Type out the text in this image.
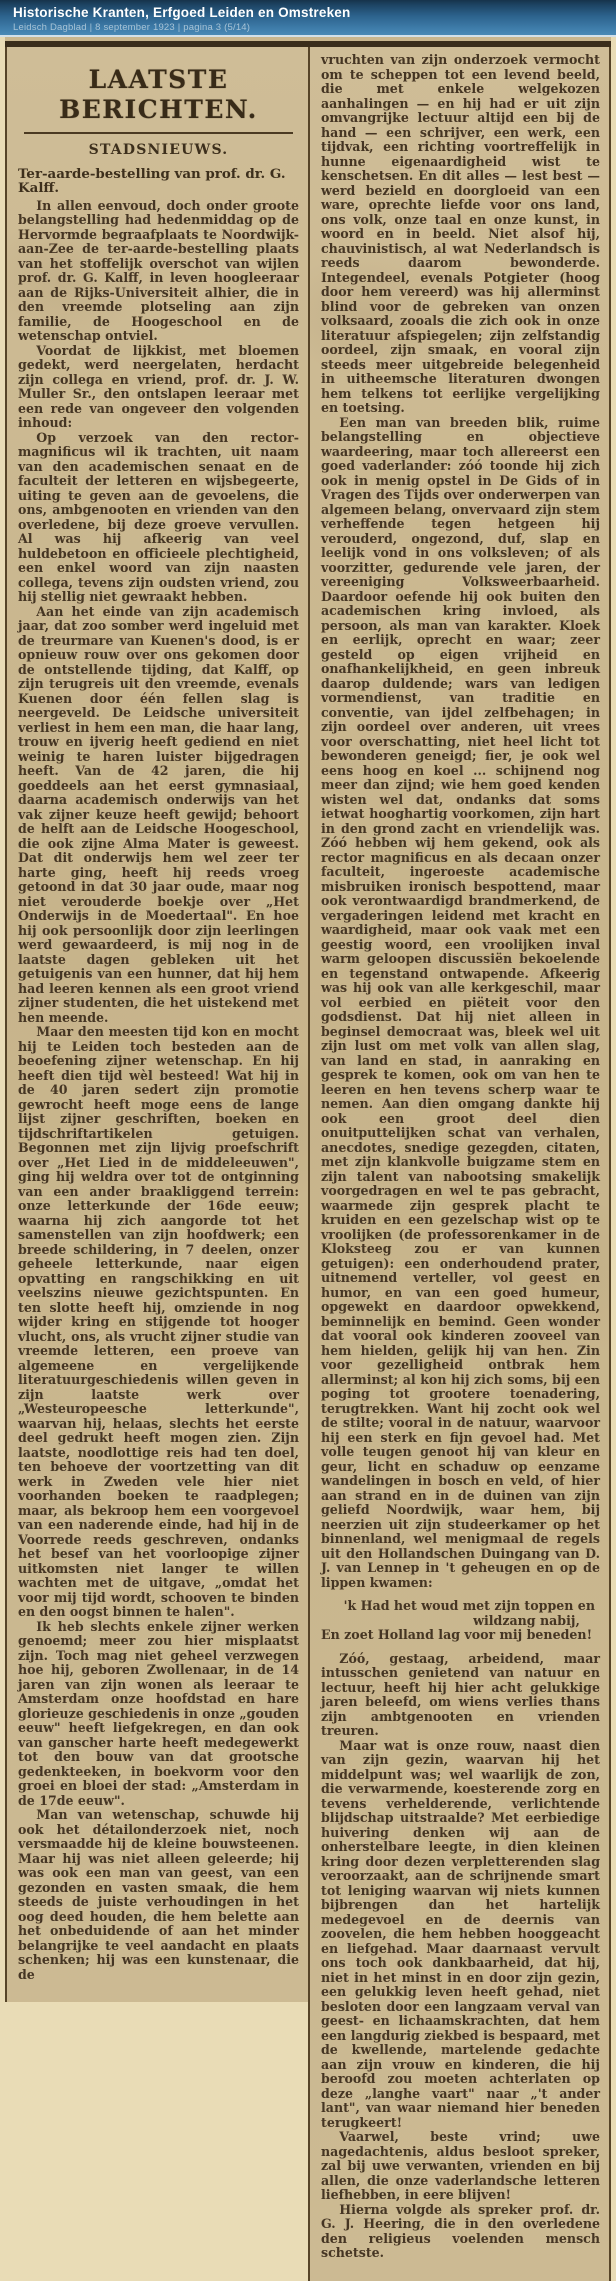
Historische Kranten, Erfgoed Leiden en Omstreken
Leidsch Dagblad | 8 september 1923 | pagina 3 (5/14)
LAATSTE BERICHTEN.
STADSNIEUWS.
Ter-aarde-bestelling van prof. dr. G. Kalff.

In allen eenvoud, doch onder groote belangstelling had hedenmiddag op de Hervormde begraafplaats te Noordwijk-aan-Zee de ter-aarde-bestelling plaats van het stoffelijk overschot van wijlen prof. dr. G. Kalff, in leven hoogleeraar aan de Rijks-Universiteit alhier, die in den vreemde plotseling aan zijn familie, de Hoogeschool en de wetenschap ontviel.

Voordat de lijkkist, met bloemen gedekt, werd neergelaten, herdacht zijn collega en vriend, prof. dr. J. W. Muller Sr., den ontslapen leeraar met een rede van ongeveer den volgenden inhoud:

Op verzoek van den rector-magnificus wil ik trachten, uit naam van den academischen senaat en de faculteit der letteren en wijsbegeerte, uiting te geven aan de gevoelens, die ons, ambgenooten en vrienden van den overledene, bij deze groeve vervullen. Al was hij afkeerig van veel huldebetoon en officieele plechtigheid, een enkel woord van zijn naasten collega, tevens zijn oudsten vriend, zou hij stellig niet gewraakt hebben.

Aan het einde van zijn academisch jaar, dat zoo somber werd ingeluid met de treurmare van Kuenen's dood, is er opnieuw rouw over ons gekomen door de ontstellende tijding, dat Kalff, op zijn terugreis uit den vreemde, evenals Kuenen door één fellen slag is neergeveld. De Leidsche universiteit verliest in hem een man, die haar lang, trouw en ijverig heeft gediend en niet weinig te haren luister bijgedragen heeft. Van de 42 jaren, die hij goeddeels aan het eerst gymnasiaal, daarna academisch onderwijs van het vak zijner keuze heeft gewijd; behoort de helft aan de Leidsche Hoogeschool, die ook zijne Alma Mater is geweest. Dat dit onderwijs hem wel zeer ter harte ging, heeft hij reeds vroeg getoond in dat 30 jaar oude, maar nog niet verouderde boekje over „Het Onderwijs in de Moedertaal". En hoe hij ook persoonlijk door zijn leerlingen werd gewaardeerd, is mij nog in de laatste dagen gebleken uit het getuigenis van een hunner, dat hij hem had leeren kennen als een groot vriend zijner studenten, die het uistekend met hen meende.

Maar den meesten tijd kon en mocht hij te Leiden toch besteden aan de beoefening zijner wetenschap. En hij heeft dien tijd wèl besteed! Wat hij in de 40 jaren sedert zijn promotie gewrocht heeft moge eens de lange lijst zijner geschriften, boeken en tijdschriftartikelen getuigen. Begonnen met zijn lijvig proefschrift over „Het Lied in de middeleeuwen", ging hij weldra over tot de ontginning van een ander braakliggend terrein: onze letterkunde der 16de eeuw; waarna hij zich aangorde tot het samenstellen van zijn hoofdwerk; een breede schildering, in 7 deelen, onzer geheele letterkunde, naar eigen opvatting en rangschikking en uit veelszins nieuwe gezichtspunten. En ten slotte heeft hij, omziende in nog wijder kring en stijgende tot hooger vlucht, ons, als vrucht zijner studie van vreemde letteren, een proeve van algemeene en vergelijkende literatuurgeschiedenis willen geven in zijn laatste werk over „Westeuropeesche letterkunde", waarvan hij, helaas, slechts het eerste deel gedrukt heeft mogen zien. Zijn laatste, noodlottige reis had ten doel, ten behoeve der voortzetting van dit werk in Zweden vele hier niet voorhanden boeken te raadplegen; maar, als bekroop hem een voorgevoel van een naderende einde, had hij in de Voorrede reeds geschreven, ondanks het besef van het voorloopige zijner uitkomsten niet langer te willen wachten met de uitgave, „omdat het voor mij tijd wordt, schooven te binden en den oogst binnen te halen".

Ik heb slechts enkele zijner werken genoemd; meer zou hier misplaatst zijn. Toch mag niet geheel verzwegen hoe hij, geboren Zwollenaar, in de 14 jaren van zijn wonen als leeraar te Amsterdam onze hoofdstad en hare glorieuze geschiedenis in onze „gouden eeuw" heeft liefgekregen, en dan ook van ganscher harte heeft medegewerkt tot den bouw van dat grootsche gedenkteeken, in boekvorm voor den groei en bloei der stad: „Amsterdam in de 17de eeuw".

Man van wetenschap, schuwde hij ook het détailonderzoek niet, noch versmaadde hij de kleine bouwsteenen. Maar hij was niet alleen geleerde; hij was ook een man van geest, van een gezonden en vasten smaak, die hem steeds de juiste verhoudingen in het oog deed houden, die hem belette aan het onbeduidende of aan het minder belangrijke te veel aandacht en plaats schenken; hij was een kunstenaar, die de

vruchten van zijn onderzoek vermocht om te scheppen tot een levend beeld, die met enkele welgekozen aanhalingen — en hij had er uit zijn omvangrijke lectuur altijd een bij de hand — een schrijver, een werk, een tijdvak, een richting voortreffelijk in hunne eigenaardigheid wist te kenschetsen. En dit alles — lest best — werd bezield en doorgloeid van een ware, oprechte liefde voor ons land, ons volk, onze taal en onze kunst, in woord en in beeld. Niet alsof hij, chauvinistisch, al wat Nederlandsch is reeds daarom bewonderde. Integendeel, evenals Potgieter (hoog door hem vereerd) was hij allerminst blind voor de gebreken van onzen volksaard, zooals die zich ook in onze literatuur afspiegelen; zijn zelfstandig oordeel, zijn smaak, en vooral zijn steeds meer uitgebreide belegenheid in uitheemsche literaturen dwongen hem telkens tot eerlijke vergelijking en toetsing.

Een man van breeden blik, ruime belangstelling en objectieve waardeering, maar toch allereerst een goed vaderlander: zóó toonde hij zich ook in menig opstel in De Gids of in Vragen des Tijds over onderwerpen van algemeen belang, onvervaard zijn stem verheffende tegen hetgeen hij verouderd, ongezond, duf, slap en leelijk vond in ons volksleven; of als voorzitter, gedurende vele jaren, der vereeniging Volksweerbaarheid. Daardoor oefende hij ook buiten den academischen kring invloed, als persoon, als man van karakter. Kloek en eerlijk, oprecht en waar; zeer gesteld op eigen vrijheid en onafhankelijkheid, en geen inbreuk daarop duldende; wars van ledigen vormendienst, van traditie en conventie, van ijdel zelfbehagen; in zijn oordeel over anderen, uit vrees voor overschatting, niet heel licht tot bewonderen geneigd; fier, je ook wel eens hoog en koel ... schijnend nog meer dan zijnd; wie hem goed kenden wisten wel dat, ondanks dat soms ietwat hooghartig voorkomen, zijn hart in den grond zacht en vriendelijk was. Zóó hebben wij hem gekend, ook als rector magnificus en als decaan onzer faculteit, ingeroeste academische misbruiken ironisch bespottend, maar ook verontwaardigd brandmerkend, de vergaderingen leidend met kracht en waardigheid, maar ook vaak met een geestig woord, een vroolijken inval warm geloopen discussiën bekoelende en tegenstand ontwapende. Afkeerig was hij ook van alle kerkgeschil, maar vol eerbied en piëteit voor den godsdienst. Dat hij niet alleen in beginsel democraat was, bleek wel uit zijn lust om met volk van allen slag, van land en stad, in aanraking en gesprek te komen, ook om van hen te leeren en hen tevens scherp waar te nemen. Aan dien omgang dankte hij ook een groot deel dien onuitputtelijken schat van verhalen, anecdotes, snedige gezegden, citaten, met zijn klankvolle buigzame stem en zijn talent van nabootsing smakelijk voorgedragen en wel te pas gebracht, waarmede zijn gesprek placht te kruiden en een gezelschap wist op te vroolijken (de professorenkamer in de Kloksteeg zou er van kunnen getuigen): een onderhoudend prater, uitnemend verteller, vol geest en humor, en van een goed humeur, opgewekt en daardoor opwekkend, beminnelijk en bemind. Geen wonder dat vooral ook kinderen zooveel van hem hielden, gelijk hij van hen. Zin voor gezelligheid ontbrak hem allerminst; al kon hij zich soms, bij een poging tot grootere toenadering, terugtrekken. Want hij zocht ook wel de stilte; vooral in de natuur, waarvoor hij een sterk en fijn gevoel had. Met volle teugen genoot hij van kleur en geur, licht en schaduw op eenzame wandelingen in bosch en veld, of hier aan strand en in de duinen van zijn geliefd Noordwijk, waar hem, bij neerzien uit zijn studeerkamer op het binnenland, wel menigmaal de regels uit den Hollandschen Duingang van D. J. van Lennep in 't geheugen en op de lippen kwamen:

'k Had het woud met zijn toppen en
wildzang nabij,
En zoet Holland lag voor mij beneden!

Zóó, gestaag, arbeidend, maar intusschen genietend van natuur en lectuur, heeft hij hier acht gelukkige jaren beleefd, om wiens verlies thans zijn ambtgenooten en vrienden treuren.

Maar wat is onze rouw, naast dien van zijn gezin, waarvan hij het middelpunt was; wel waarlijk de zon, die verwarmende, koesterende zorg en tevens verhelderende, verlichtende blijdschap uitstraalde? Met eerbiedige huivering denken wij aan de onherstelbare leegte, in dien kleinen kring door dezen verpletterenden slag veroorzaakt, aan de schrijnende smart tot leniging waarvan wij niets kunnen bijbrengen dan het hartelijk medegevoel en de deernis van zoovelen, die hem hebben hooggeacht en liefgehad. Maar daarnaast vervult ons toch ook dankbaarheid, dat hij, niet in het minst in en door zijn gezin, een gelukkig leven heeft gehad, niet besloten door een langzaam verval van geest- en lichaamskrachten, dat hem een langdurig ziekbed is bespaard, met de kwellende, martelende gedachte aan zijn vrouw en kinderen, die hij beroofd zou moeten achterlaten op deze „langhe vaart" naar „'t ander lant", van waar niemand hier beneden terugkeert!

Vaarwel, beste vrind; uwe nagedachtenis, aldus besloot spreker, zal bij uwe verwanten, vrienden en bij allen, die onze vaderlandsche letteren liefhebben, in eere blijven!

Hierna volgde als spreker prof. dr. G. J. Heering, die in den overledene den religieus voelenden mensch schetste.
